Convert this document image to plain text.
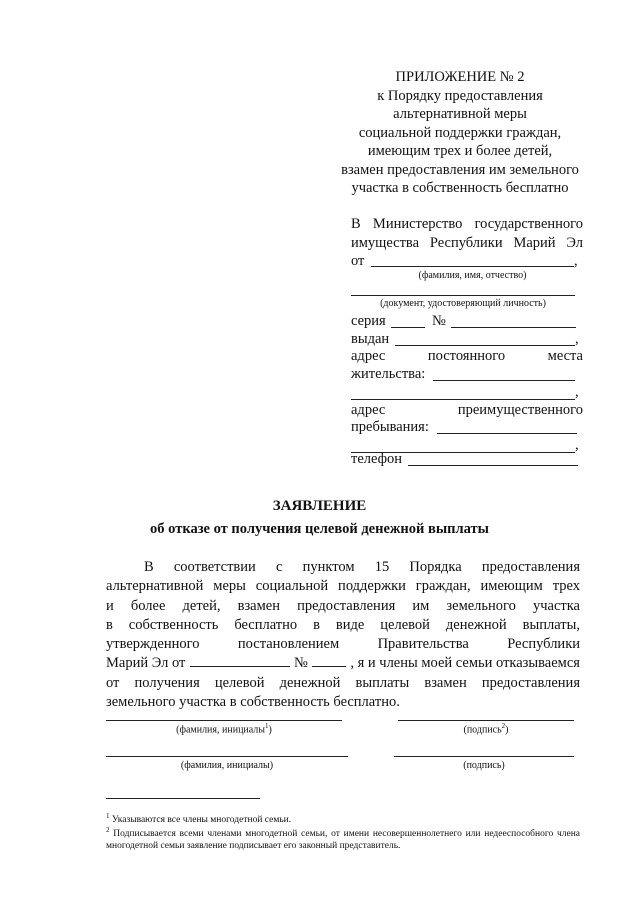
ПРИЛОЖЕНИЕ № 2
к Порядку предоставления
альтернативной меры
социальной поддержки граждан,
имеющим трех и более детей,
взамен предоставления им земельного
участка в собственность бесплатно
В Министерство государственного
имущества Республики Марий Эл
от	,
(фамилия, имя, отчество)
(документ, удостоверяющий личность)
серия	№
выдан	,
адрес постоянного места
жительства:
,
адрес преимущественного
пребывания:
,
телефон
ЗАЯВЛЕНИЕ
об отказе от получения целевой денежной выплаты
В соответствии с пунктом 15 Порядка предоставления
альтернативной меры социальной поддержки граждан, имеющим трех
и более детей, взамен предоставления им земельного участка
в собственность бесплатно в виде целевой денежной выплаты,
утвержденного постановлением Правительства Республики
Марий Эл от	№	, я и члены моей семьи отказываемся
от получения целевой денежной выплаты взамен предоставления
земельного участка в собственность бесплатно.
(фамилия, инициалы$^1$)	(подпись$^2$)
(фамилия, инициалы)	(подпись)
$^1$ Указываются все члены многодетной семьи.
$^2$ Подписывается всеми членами многодетной семьи, от имени несовершеннолетнего или недееспособного члена многодетной семьи заявление подписывает его законный представитель.
